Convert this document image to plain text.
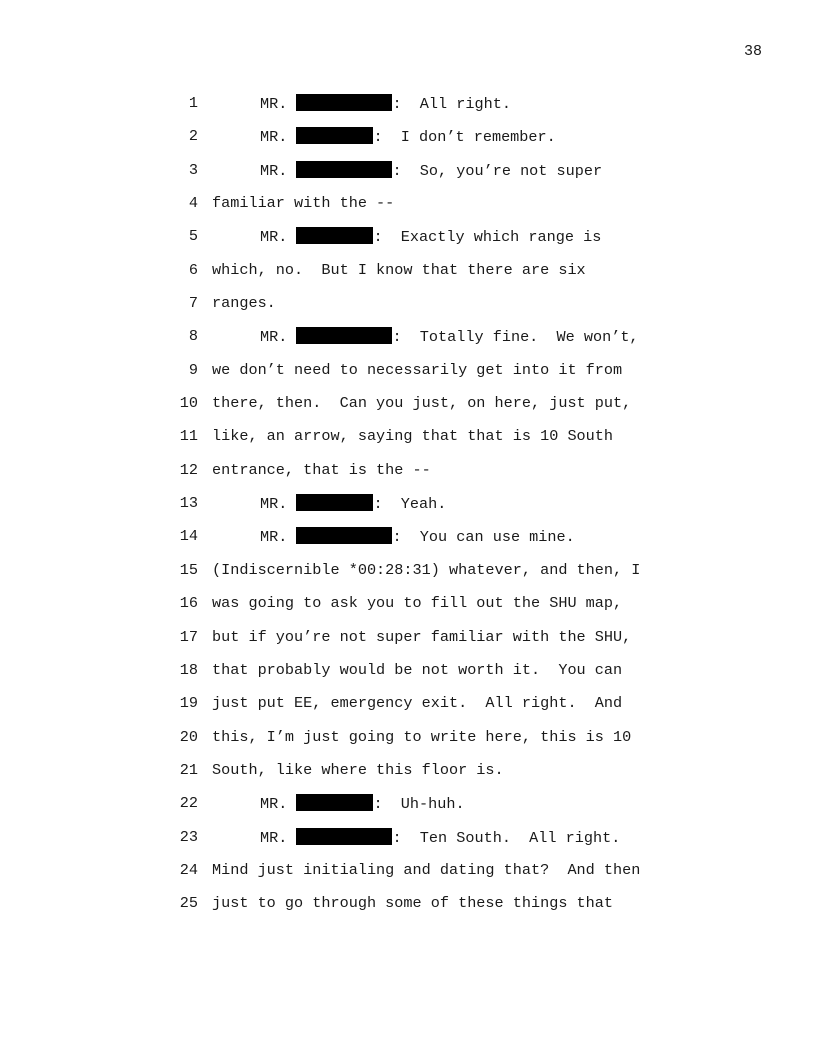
38
1	MR.	:  All right.
2	MR.	:  I don’t remember.
3	MR.	:  So, you’re not super
4 familiar with the --
5	MR.	:  Exactly which range is
6 which, no.  But I know that there are six
7 ranges.
8	MR.	:  Totally fine.  We won’t,
9 we don’t need to necessarily get into it from
10 there, then.  Can you just, on here, just put,
11 like, an arrow, saying that that is 10 South
12 entrance, that is the --
13	MR.	:  Yeah.
14	MR.	:  You can use mine.
15 (Indiscernible *00:28:31) whatever, and then, I
16 was going to ask you to fill out the SHU map,
17 but if you’re not super familiar with the SHU,
18 that probably would be not worth it.  You can
19 just put EE, emergency exit.  All right.  And
20 this, I’m just going to write here, this is 10
21 South, like where this floor is.
22	MR.	:  Uh-huh.
23	MR.	:  Ten South.  All right.
24 Mind just initialing and dating that?  And then
25 just to go through some of these things that
